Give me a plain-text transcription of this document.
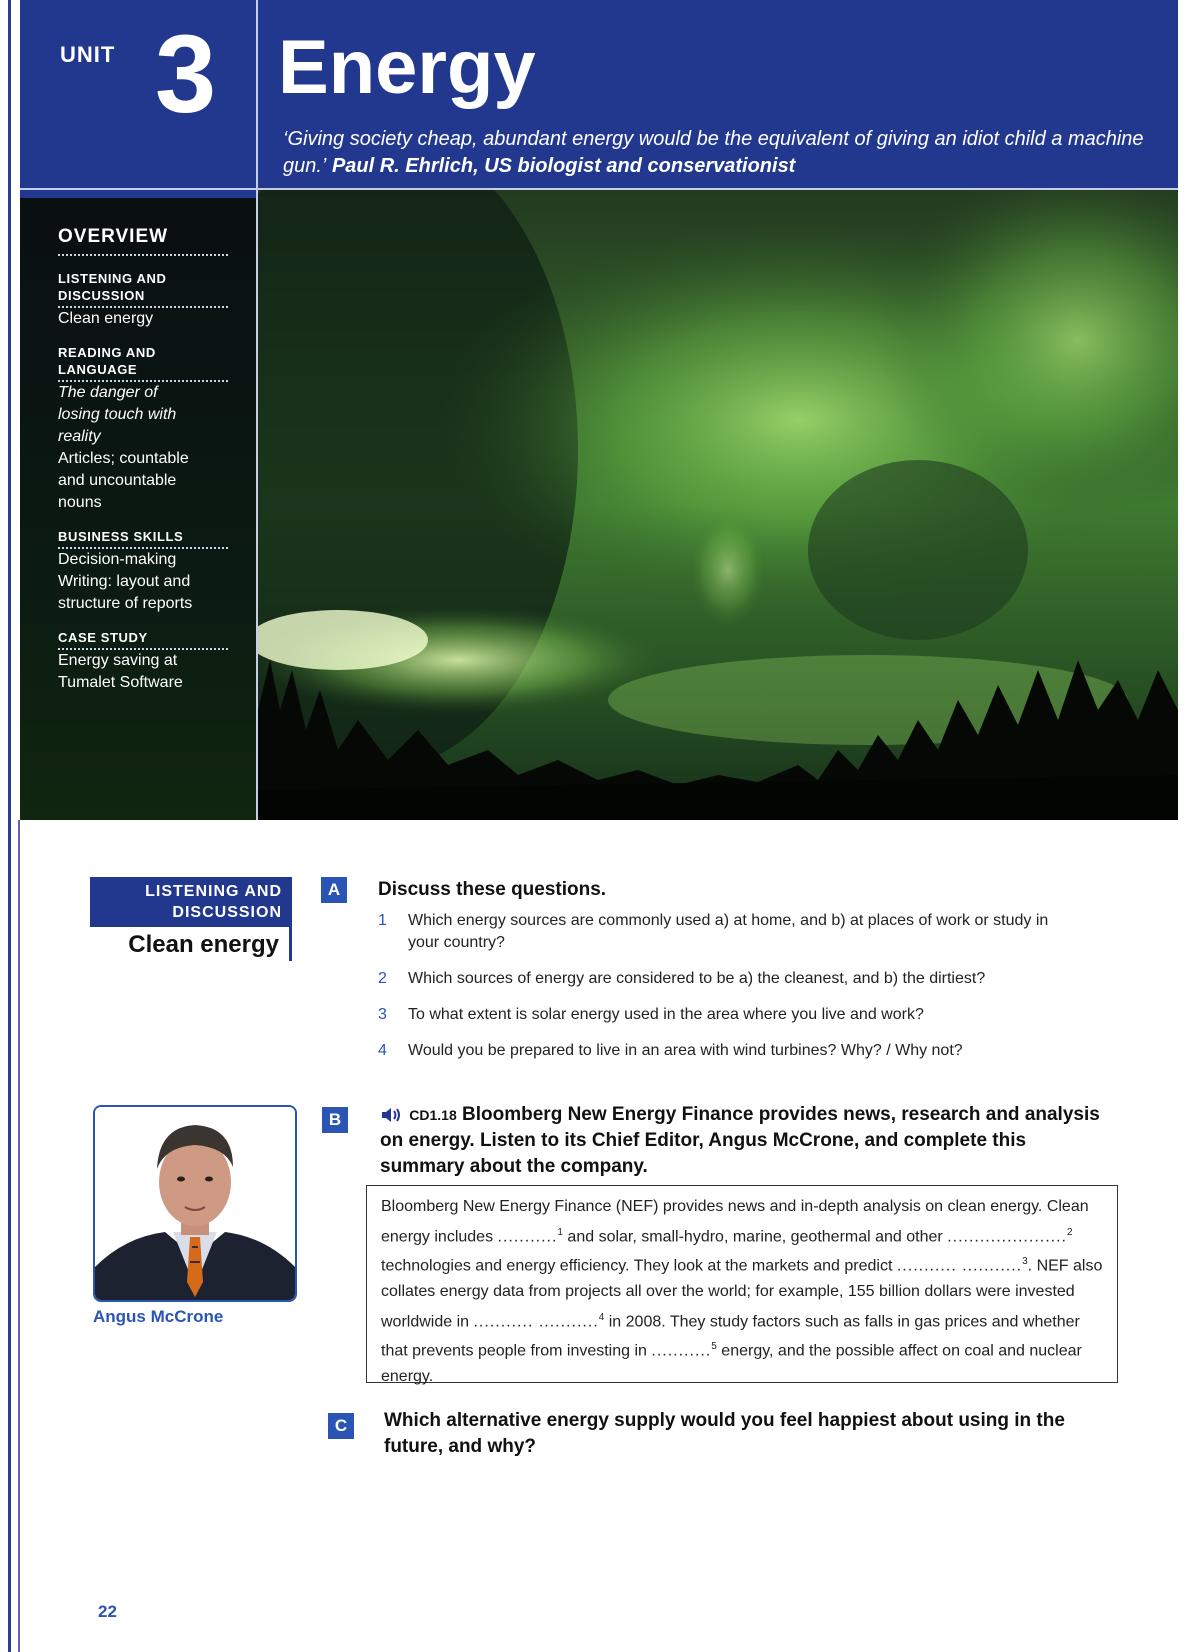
UNIT 3 Energy
‘Giving society cheap, abundant energy would be the equivalent of giving an idiot child a machine gun.’ Paul R. Ehrlich, US biologist and conservationist
OVERVIEW
LISTENING AND
DISCUSSION
Clean energy
READING AND
LANGUAGE
The danger of
losing touch with
reality
Articles; countable
and uncountable
nouns
BUSINESS SKILLS
Decision-making
Writing: layout and
structure of reports
CASE STUDY
Energy saving at
Tumalet Software
LISTENING AND
DISCUSSION
Clean energy
A	Discuss these questions.
1 Which energy sources are commonly used a) at home, and b) at places of work or study in your country?
2 Which sources of energy are considered to be a) the cleanest, and b) the dirtiest?
3 To what extent is solar energy used in the area where you live and work?
4 Would you be prepared to live in an area with wind turbines? Why? / Why not?
Angus McCrone
B	CD1.18 Bloomberg New Energy Finance provides news, research and analysis on energy. Listen to its Chief Editor, Angus McCrone, and complete this summary about the company.

Bloomberg New Energy Finance (NEF) provides news and in-depth analysis on clean energy. Clean energy includes ...........$^1$ and solar, small-hydro, marine, geothermal and other ......................$^2$ technologies and energy efficiency. They look at the markets and predict ........... ...........$^3$. NEF also collates energy data from projects all over the world; for example, 155 billion dollars were invested worldwide in ........... ...........$^4$ in 2008. They study factors such as falls in gas prices and whether that prevents people from investing in ...........$^5$ energy, and the possible affect on coal and nuclear energy.

C	Which alternative energy supply would you feel happiest about using in the future, and why?
22
